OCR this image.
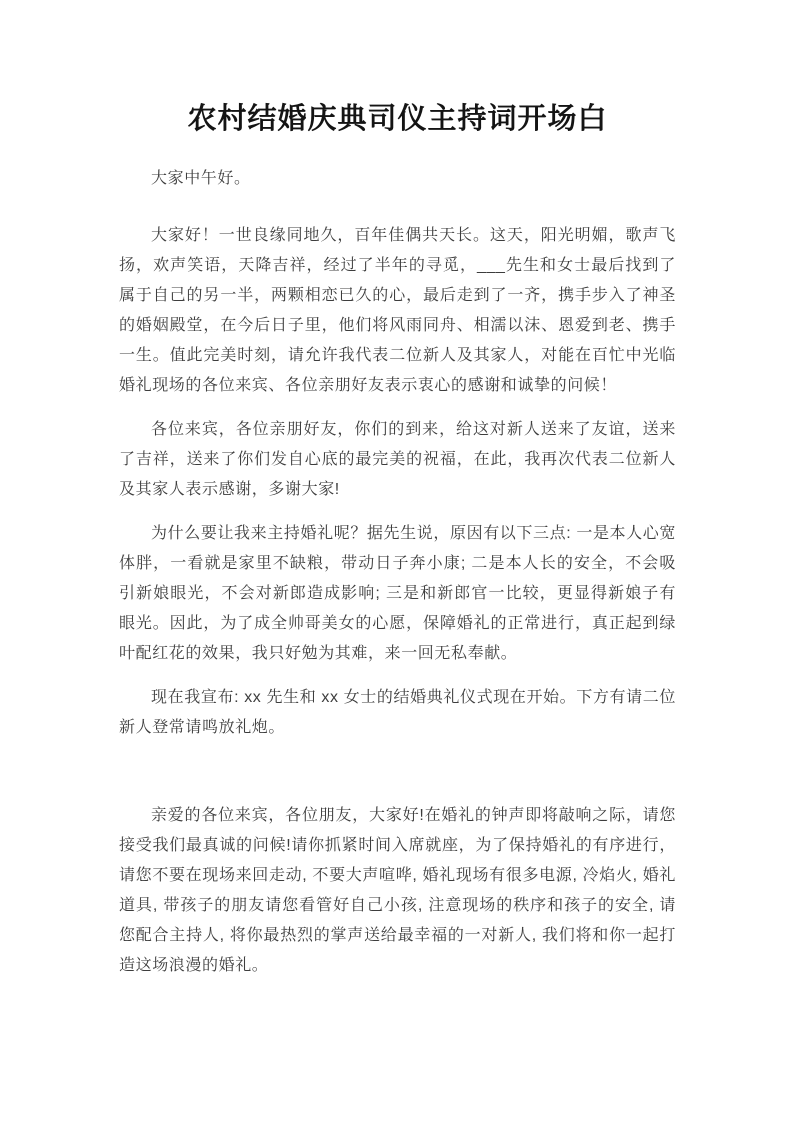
农村结婚庆典司仪主持词开场白

大家中午好。

大家好！一世良缘同地久，百年佳偶共天长。这天，阳光明媚，歌声飞扬，欢声笑语，天降吉祥，经过了半年的寻觅，___先生和女士最后找到了属于自己的另一半，两颗相恋已久的心，最后走到了一齐，携手步入了神圣的婚姻殿堂，在今后日子里，他们将风雨同舟、相濡以沫、恩爱到老、携手一生。值此完美时刻，请允许我代表二位新人及其家人，对能在百忙中光临婚礼现场的各位来宾、各位亲朋好友表示衷心的感谢和诚挚的问候！

各位来宾，各位亲朋好友，你们的到来，给这对新人送来了友谊，送来了吉祥，送来了你们发自心底的最完美的祝福，在此，我再次代表二位新人及其家人表示感谢，多谢大家!

为什么要让我来主持婚礼呢？据先生说，原因有以下三点: 一是本人心宽体胖，一看就是家里不缺粮，带动日子奔小康; 二是本人长的安全，不会吸引新娘眼光，不会对新郎造成影响; 三是和新郎官一比较，更显得新娘子有眼光。因此，为了成全帅哥美女的心愿，保障婚礼的正常进行，真正起到绿叶配红花的效果，我只好勉为其难，来一回无私奉献。

现在我宣布: xx 先生和 xx 女士的结婚典礼仪式现在开始。下方有请二位新人登常请鸣放礼炮。

亲爱的各位来宾，各位朋友，大家好!在婚礼的钟声即将敲响之际，请您接受我们最真诚的问候!请你抓紧时间入席就座，为了保持婚礼的有序进行，请您不要在现场来回走动, 不要大声喧哗, 婚礼现场有很多电源, 冷焰火, 婚礼道具, 带孩子的朋友请您看管好自己小孩, 注意现场的秩序和孩子的安全, 请您配合主持人, 将你最热烈的掌声送给最幸福的一对新人, 我们将和你一起打造这场浪漫的婚礼。
